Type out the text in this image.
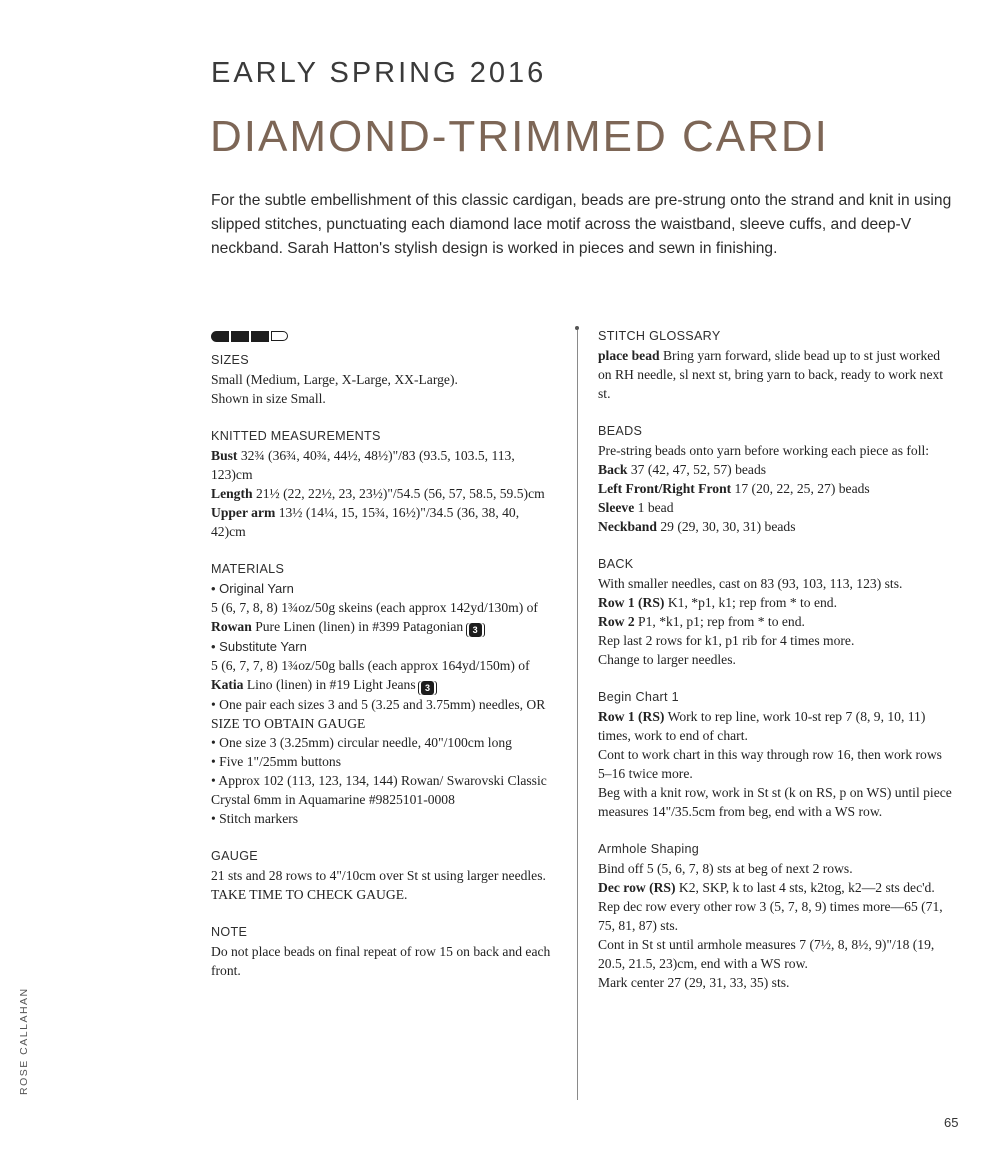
EARLY SPRING 2016
DIAMOND-TRIMMED CARDI

For the subtle embellishment of this classic cardigan, beads are pre-strung onto the strand and knit in using slipped stitches, punctuating each diamond lace motif across the waistband, sleeve cuffs, and deep-V neckband. Sarah Hatton's stylish design is worked in pieces and sewn in finishing.

SIZES

Small (Medium, Large, X-Large, XX-Large).

Shown in size Small.

KNITTED MEASUREMENTS

Bust 32¾ (36¾, 40¾, 44½, 48½)"/83 (93.5, 103.5, 113, 123)cm

Length 21½ (22, 22½, 23, 23½)"/54.5 (56, 57, 58.5, 59.5)cm

Upper arm 13½ (14¼, 15, 15¾, 16½)"/34.5 (36, 38, 40, 42)cm

MATERIALS

• Original Yarn

5 (6, 7, 8, 8) 1¾oz/50g skeins (each approx 142yd/130m) of Rowan Pure Linen (linen) in #399 Patagonian 3

• Substitute Yarn

5 (6, 7, 7, 8) 1¾oz/50g balls (each approx 164yd/150m) of Katia Lino (linen) in #19 Light Jeans 3

• One pair each sizes 3 and 5 (3.25 and 3.75mm) needles, OR SIZE TO OBTAIN GAUGE

• One size 3 (3.25mm) circular needle, 40"/100cm long

• Five 1"/25mm buttons

• Approx 102 (113, 123, 134, 144) Rowan/ Swarovski Classic Crystal 6mm in Aquamarine #9825101-0008

• Stitch markers

GAUGE

21 sts and 28 rows to 4"/10cm over St st using larger needles.

TAKE TIME TO CHECK GAUGE.

NOTE

Do not place beads on final repeat of row 15 on back and each front.

STITCH GLOSSARY

place bead Bring yarn forward, slide bead up to st just worked on RH needle, sl next st, bring yarn to back, ready to work next st.

BEADS

Pre-string beads onto yarn before working each piece as foll:

Back 37 (42, 47, 52, 57) beads

Left Front/Right Front 17 (20, 22, 25, 27) beads

Sleeve 1 bead

Neckband 29 (29, 30, 30, 31) beads

BACK

With smaller needles, cast on 83 (93, 103, 113, 123) sts.

Row 1 (RS) K1, *p1, k1; rep from * to end.

Row 2 P1, *k1, p1; rep from * to end.

Rep last 2 rows for k1, p1 rib for 4 times more.

Change to larger needles.

Begin Chart 1

Row 1 (RS) Work to rep line, work 10-st rep 7 (8, 9, 10, 11) times, work to end of chart.

Cont to work chart in this way through row 16, then work rows 5–16 twice more.

Beg with a knit row, work in St st (k on RS, p on WS) until piece measures 14"/35.5cm from beg, end with a WS row.

Armhole Shaping

Bind off 5 (5, 6, 7, 8) sts at beg of next 2 rows.

Dec row (RS) K2, SKP, k to last 4 sts, k2tog, k2—2 sts dec'd.

Rep dec row every other row 3 (5, 7, 8, 9) times more—65 (71, 75, 81, 87) sts.

Cont in St st until armhole measures 7 (7½, 8, 8½, 9)"/18 (19, 20.5, 21.5, 23)cm, end with a WS row.

Mark center 27 (29, 31, 33, 35) sts.

ROSE CALLAHAN
65
